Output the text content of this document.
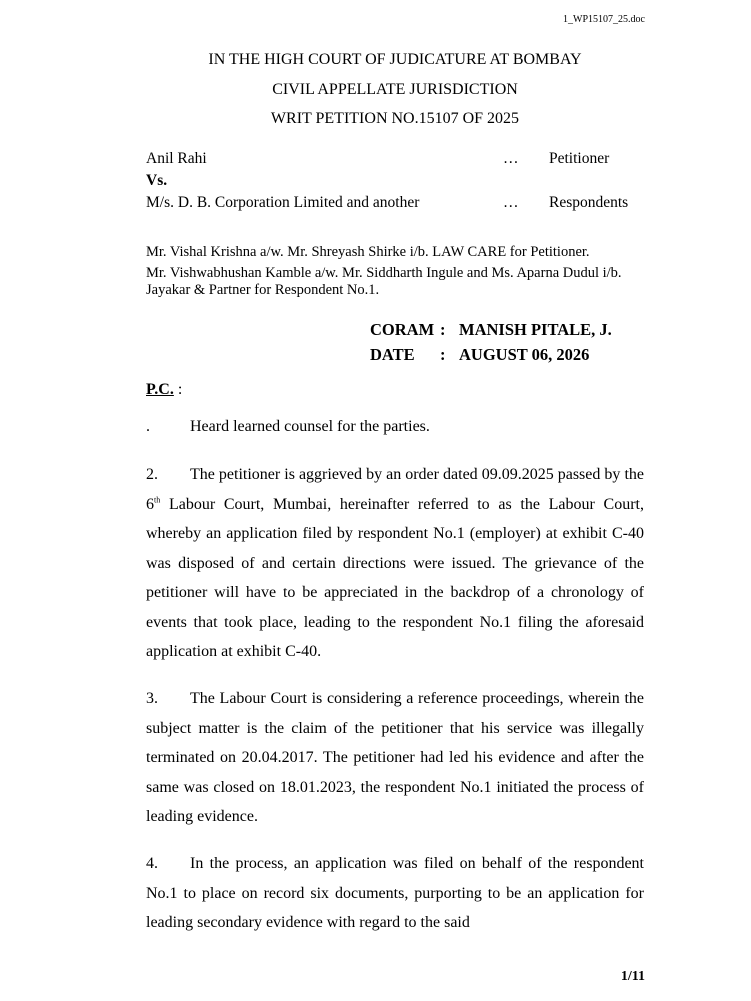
1_WP15107_25.doc
IN THE HIGH COURT OF JUDICATURE AT BOMBAY
CIVIL APPELLATE JURISDICTION
WRIT PETITION NO.15107 OF 2025
Anil Rahi	… Petitioner
Vs.
M/s. D. B. Corporation Limited and another	… Respondents
Mr. Vishal Krishna a/w. Mr. Shreyash Shirke i/b. LAW CARE for Petitioner.
Mr. Vishwabhushan Kamble a/w. Mr. Siddharth Ingule and Ms. Aparna Dudul i/b. Jayakar & Partner for Respondent No.1.
CORAM : MANISH PITALE, J.
DATE : AUGUST 06, 2026
P.C. :
.	Heard learned counsel for the parties.
2. The petitioner is aggrieved by an order dated 09.09.2025 passed by the 6th Labour Court, Mumbai, hereinafter referred to as the Labour Court, whereby an application filed by respondent No.1 (employer) at exhibit C-40 was disposed of and certain directions were issued. The grievance of the petitioner will have to be appreciated in the backdrop of a chronology of events that took place, leading to the respondent No.1 filing the aforesaid application at exhibit C-40.
3. The Labour Court is considering a reference proceedings, wherein the subject matter is the claim of the petitioner that his service was illegally terminated on 20.04.2017. The petitioner had led his evidence and after the same was closed on 18.01.2023, the respondent No.1 initiated the process of leading evidence.
4. In the process, an application was filed on behalf of the respondent No.1 to place on record six documents, purporting to be an application for leading secondary evidence with regard to the said
1/11
